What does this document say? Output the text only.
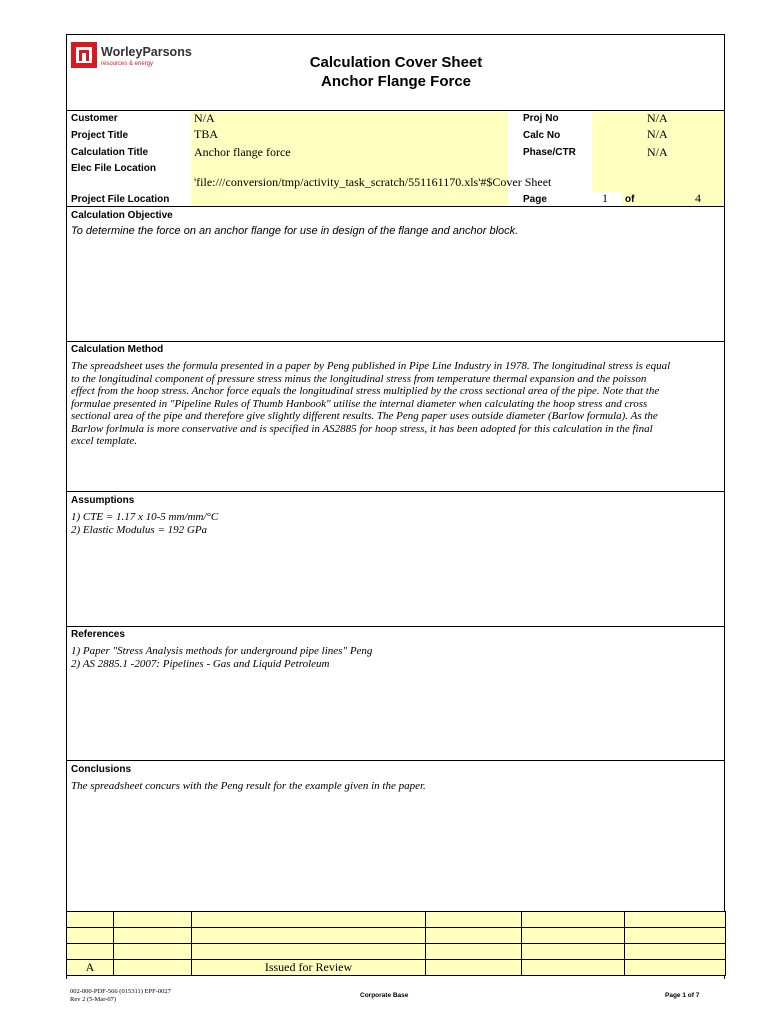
WorleyParsons
resources & energy	Calculation Cover Sheet
Anchor Flange Force
Customer	N/A
Project Title	TBA
Calculation Title	Anchor flange force
Elec File Location
'file:///conversion/tmp/activity_task_scratch/551161170.xls'#$Cover Sheet
Project File Location
Proj No	N/A
Calc No	N/A
Phase/CTR	N/A
Page	1 of	4
Calculation Objective
To determine the force on an anchor flange for use in design of the flange and anchor block.
Calculation Method
The spreadsheet uses the formula presented in a paper by Peng published in Pipe Line Industry in 1978. The longitudinal stress is equal
to the longitudinal component of pressure stress minus the longitudinal stress from temperature thermal expansion and the poisson
effect from the hoop stress. Anchor force equals the longitudinal stress multiplied by the cross sectional area of the pipe. Note that the
formulae presented in "Pipeline Rules of Thumb Hanbook" utilise the internal diameter when calculating the hoop stress and cross
sectional area of the pipe and therefore give slightly different results. The Peng paper uses outside diameter (Barlow formula). As the
Barlow forlmula is more conservative and is specified in AS2885 for hoop stress, it has been adopted for this calculation in the final
excel template.
Assumptions
1) CTE = 1.17 x 10-5 mm/mm/°C
2) Elastic Modulus = 192 GPa
References
1) Paper "Stress Analysis methods for underground pipe lines" Peng
2) AS 2885.1 -2007: Pipelines - Gas and Liquid Petroleum
Conclusions
The spreadsheet concurs with the Peng result for the example given in the paper.

A		Issued for Review			
002-000-PDF-566 (015311) EPF-0027
Rev 2 (5-Mar-07)
Corporate Base	Page 1 of 7
